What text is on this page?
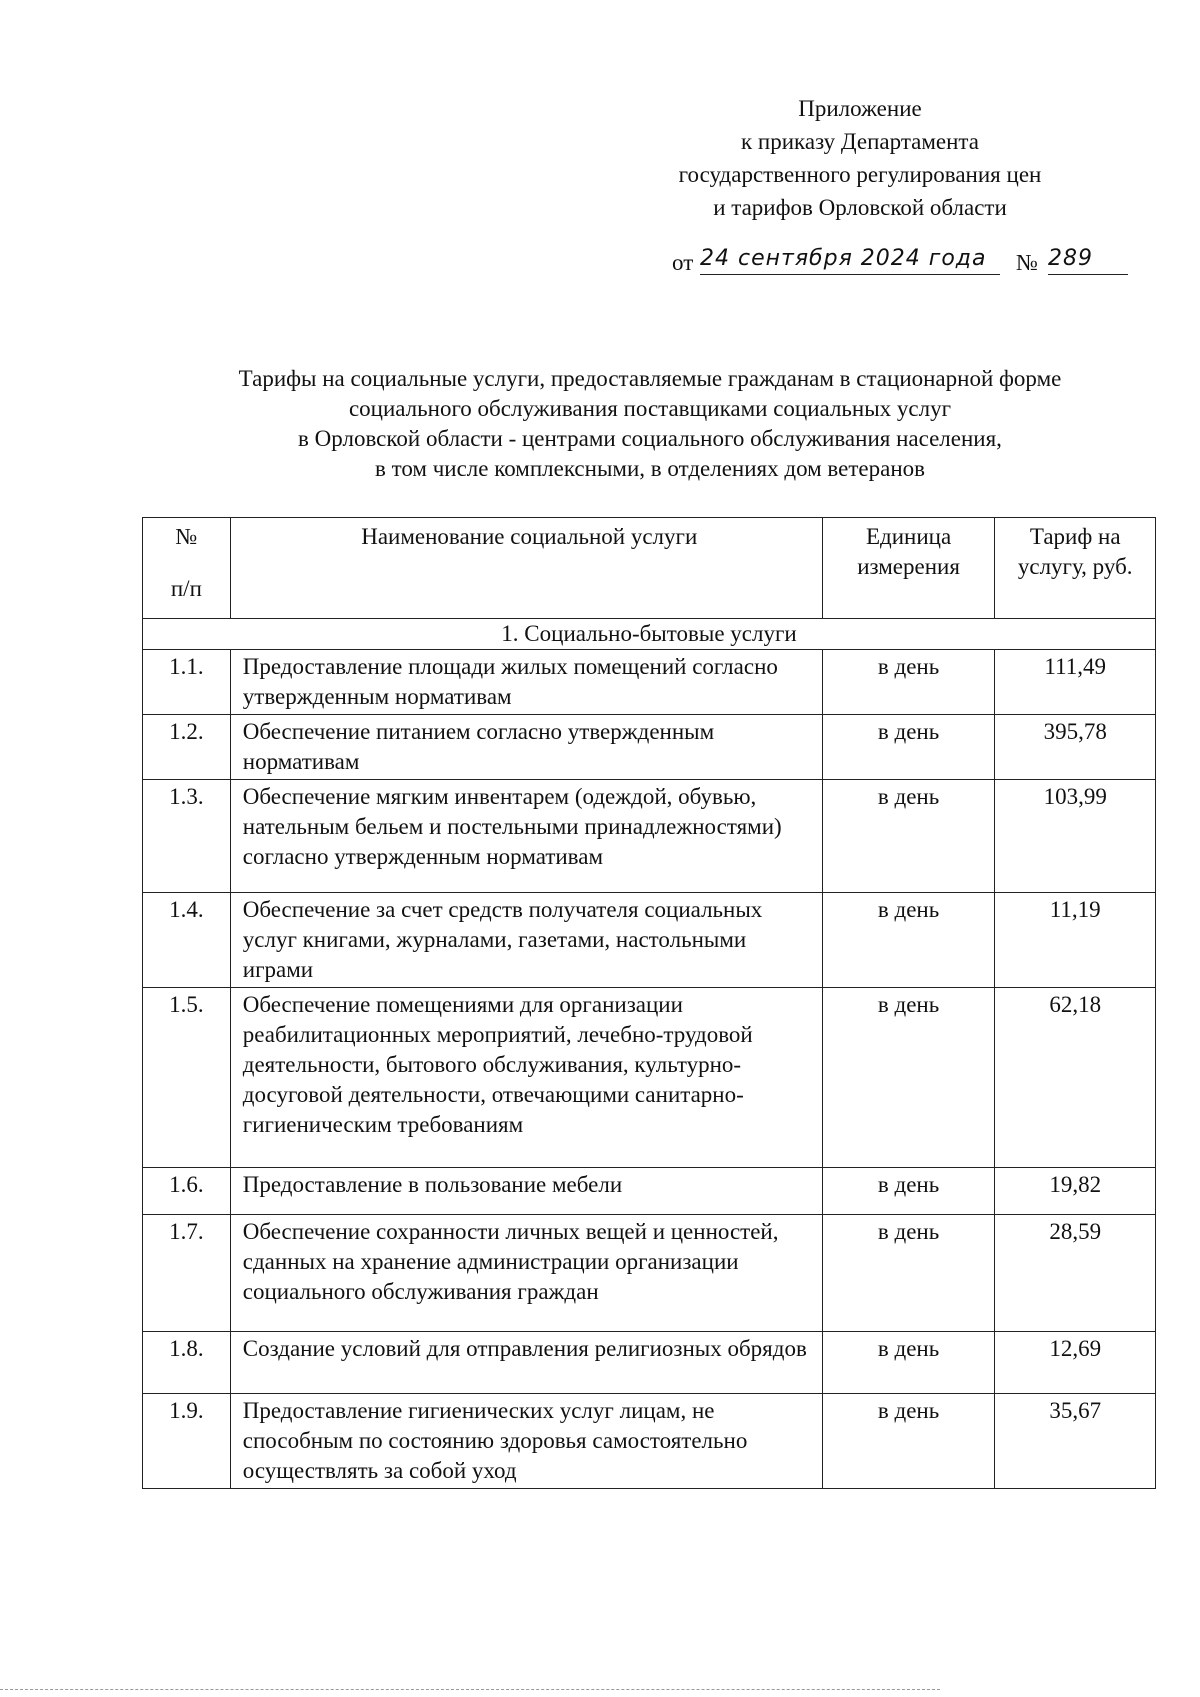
Приложение
к приказу Департамента
государственного регулирования цен
и тарифов Орловской области
от 24 сентября 2024 года	№ 289
Тарифы на социальные услуги, предоставляемые гражданам в стационарной форме
социального обслуживания поставщиками социальных услуг
в Орловской области - центрами социального обслуживания населения,
в том числе комплексными, в отделениях дом ветеранов
№
п/п	Наименование социальной услуги	Единица измерения	Тариф на услугу, руб.
1. Социально-бытовые услуги			
1.1.	Предоставление площади жилых помещений согласно утвержденным нормативам	в день	111,49
1.2.	Обеспечение питанием согласно утвержденным нормативам	в день	395,78
1.3.	Обеспечение мягким инвентарем (одеждой, обувью, нательным бельем и постельными принадлежностями) согласно утвержденным нормативам	в день	103,99
1.4.	Обеспечение за счет средств получателя социальных услуг книгами, журналами, газетами, настольными играми	в день	11,19
1.5.	Обеспечение помещениями для организации реабилитационных мероприятий, лечебно-трудовой деятельности, бытового обслуживания, культурно-досуговой деятельности, отвечающими санитарно-гигиеническим требованиям	в день	62,18
1.6.	Предоставление в пользование мебели	в день	19,82
1.7.	Обеспечение сохранности личных вещей и ценностей, сданных на хранение администрации организации социального обслуживания граждан	в день	28,59
1.8.	Создание условий для отправления религиозных обрядов	в день	12,69
1.9.	Предоставление гигиенических услуг лицам, не способным по состоянию здоровья самостоятельно осуществлять за собой уход	в день	35,67
